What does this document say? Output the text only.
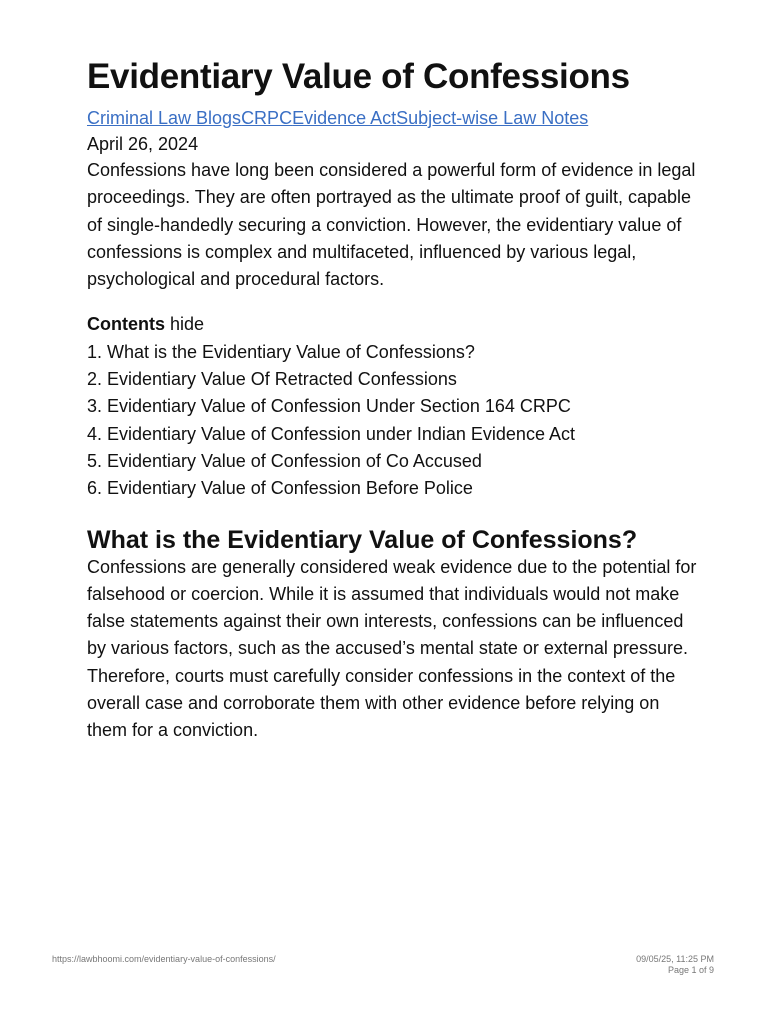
Evidentiary Value of Confessions
Criminal Law BlogsCRPCEvidence ActSubject-wise Law Notes
April 26, 2024

Confessions have long been considered a powerful form of evidence in legal proceedings. They are often portrayed as the ultimate proof of guilt, capable of single-handedly securing a conviction. However, the evidentiary value of confessions is complex and multifaceted, influenced by various legal, psychological and procedural factors.

Contents hide
1. What is the Evidentiary Value of Confessions?
2. Evidentiary Value Of Retracted Confessions
3. Evidentiary Value of Confession Under Section 164 CRPC
4. Evidentiary Value of Confession under Indian Evidence Act
5. Evidentiary Value of Confession of Co Accused
6. Evidentiary Value of Confession Before Police
What is the Evidentiary Value of Confessions?

Confessions are generally considered weak evidence due to the potential for falsehood or coercion. While it is assumed that individuals would not make false statements against their own interests, confessions can be influenced by various factors, such as the accused’s mental state or external pressure. Therefore, courts must carefully consider confessions in the context of the overall case and corroborate them with other evidence before relying on them for a conviction.

https://lawbhoomi.com/evidentiary-value-of-confessions/	09/05/25, 11:25 PM
Page 1 of 9
